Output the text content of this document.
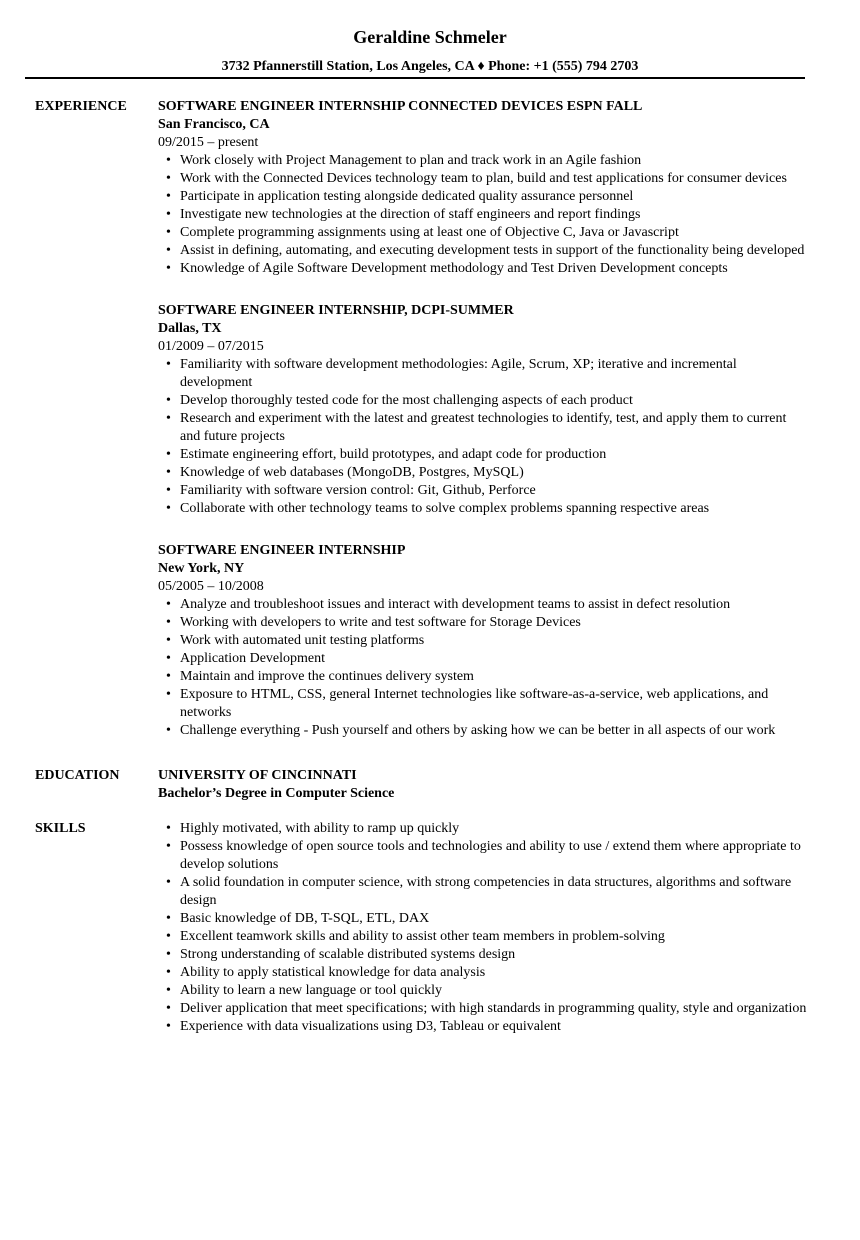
Geraldine Schmeler
3732 Pfannerstill Station, Los Angeles, CA ♦ Phone: +1 (555) 794 2703
EXPERIENCE	SOFTWARE ENGINEER INTERNSHIP CONNECTED DEVICES ESPN FALL
San Francisco, CA
09/2015 – present
• Work closely with Project Management to plan and track work in an Agile fashion
• Work with the Connected Devices technology team to plan, build and test applications for consumer devices
• Participate in application testing alongside dedicated quality assurance personnel
• Investigate new technologies at the direction of staff engineers and report findings
• Complete programming assignments using at least one of Objective C, Java or Javascript
• Assist in defining, automating, and executing development tests in support of the functionality being developed
• Knowledge of Agile Software Development methodology and Test Driven Development concepts
SOFTWARE ENGINEER INTERNSHIP, DCPI-SUMMER
Dallas, TX
01/2009 – 07/2015
• Familiarity with software development methodologies: Agile, Scrum, XP; iterative and incremental development
• Develop thoroughly tested code for the most challenging aspects of each product
• Research and experiment with the latest and greatest technologies to identify, test, and apply them to current and future projects
• Estimate engineering effort, build prototypes, and adapt code for production
• Knowledge of web databases (MongoDB, Postgres, MySQL)
• Familiarity with software version control: Git, Github, Perforce
• Collaborate with other technology teams to solve complex problems spanning respective areas
SOFTWARE ENGINEER INTERNSHIP
New York, NY
05/2005 – 10/2008
• Analyze and troubleshoot issues and interact with development teams to assist in defect resolution
• Working with developers to write and test software for Storage Devices
• Work with automated unit testing platforms
• Application Development
• Maintain and improve the continues delivery system
• Exposure to HTML, CSS, general Internet technologies like software-as-a-service, web applications, and networks
• Challenge everything - Push yourself and others by asking how we can be better in all aspects of our work
EDUCATION	UNIVERSITY OF CINCINNATI
Bachelor’s Degree in Computer Science
SKILLS	• Highly motivated, with ability to ramp up quickly
• Possess knowledge of open source tools and technologies and ability to use / extend them where appropriate to develop solutions
• A solid foundation in computer science, with strong competencies in data structures, algorithms and software design
• Basic knowledge of DB, T-SQL, ETL, DAX
• Excellent teamwork skills and ability to assist other team members in problem-solving
• Strong understanding of scalable distributed systems design
• Ability to apply statistical knowledge for data analysis
• Ability to learn a new language or tool quickly
• Deliver application that meet specifications; with high standards in programming quality, style and organization
• Experience with data visualizations using D3, Tableau or equivalent
